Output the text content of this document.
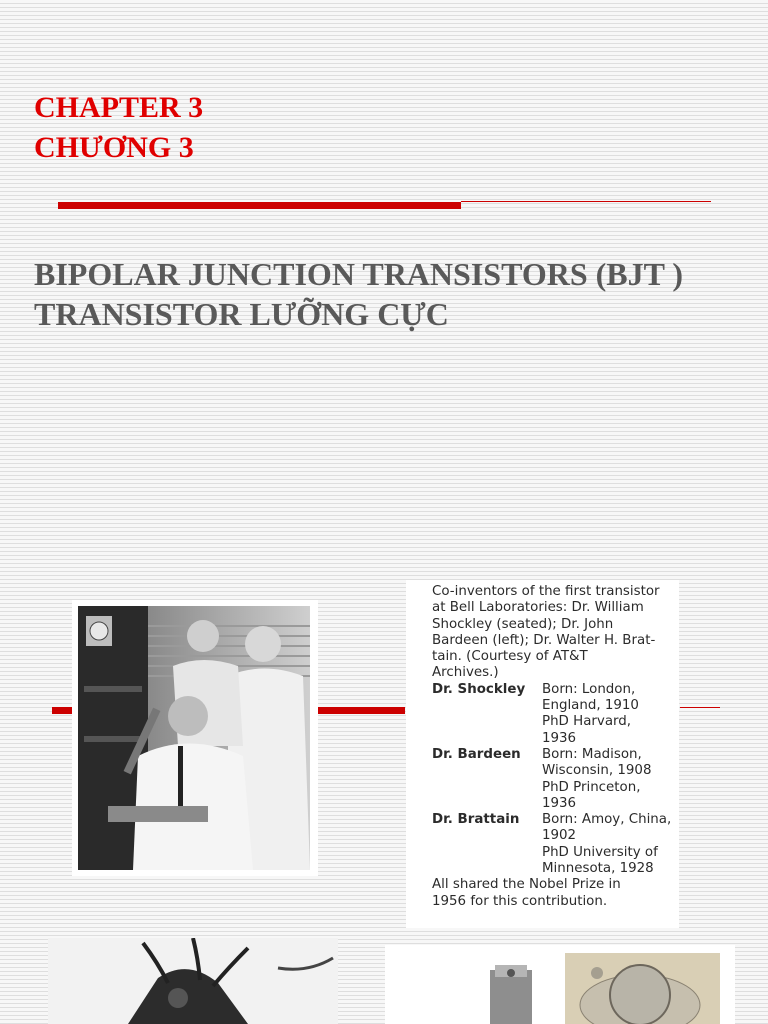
CHAPTER 3
CHƯƠNG 3
BIPOLAR JUNCTION TRANSISTORS (BJT )
TRANSISTOR LƯỠNG CỰC
Co-inventors of the first transistor
at Bell Laboratories: Dr. William
Shockley (seated); Dr. John
Bardeen (left); Dr. Walter H. Brat-
tain. (Courtesy of AT&T
Archives.)
Dr. Shockley	Born: London,
England, 1910
PhD Harvard,
1936
Dr. Bardeen	Born: Madison,
Wisconsin, 1908
PhD Princeton,
1936
Dr. Brattain	Born: Amoy, China,
1902
PhD University of
Minnesota, 1928
All shared the Nobel Prize in
1956 for this contribution.
